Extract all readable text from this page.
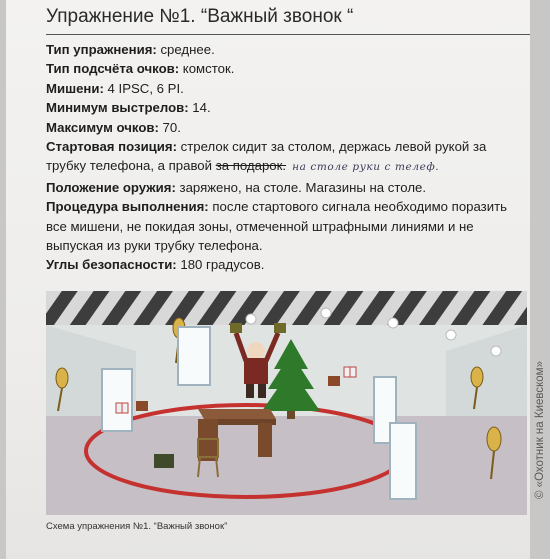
Упражнение №1. “Важный звонок “

Тип упражнения: среднее.

Тип подсчёта очков: комсток.

Мишени: 4 IPSC, 6 PI.

Минимум выстрелов: 14.

Максимум очков: 70.

Стартовая позиция: стрелок сидит за столом, держась левой рукой за трубку телефона, а правой за подарок. на столе руки с телеф.

Положение оружия: заряжено, на столе. Магазины на столе.

Процедура выполнения: после стартового сигнала необходимо поразить все мишени, не покидая зоны, отмеченной штрафными линиями и не выпуская из руки трубку телефона.

Углы безопасности: 180 градусов.

Схема упражнения №1. “Важный звонок”
© «Охотник на Киевском»
